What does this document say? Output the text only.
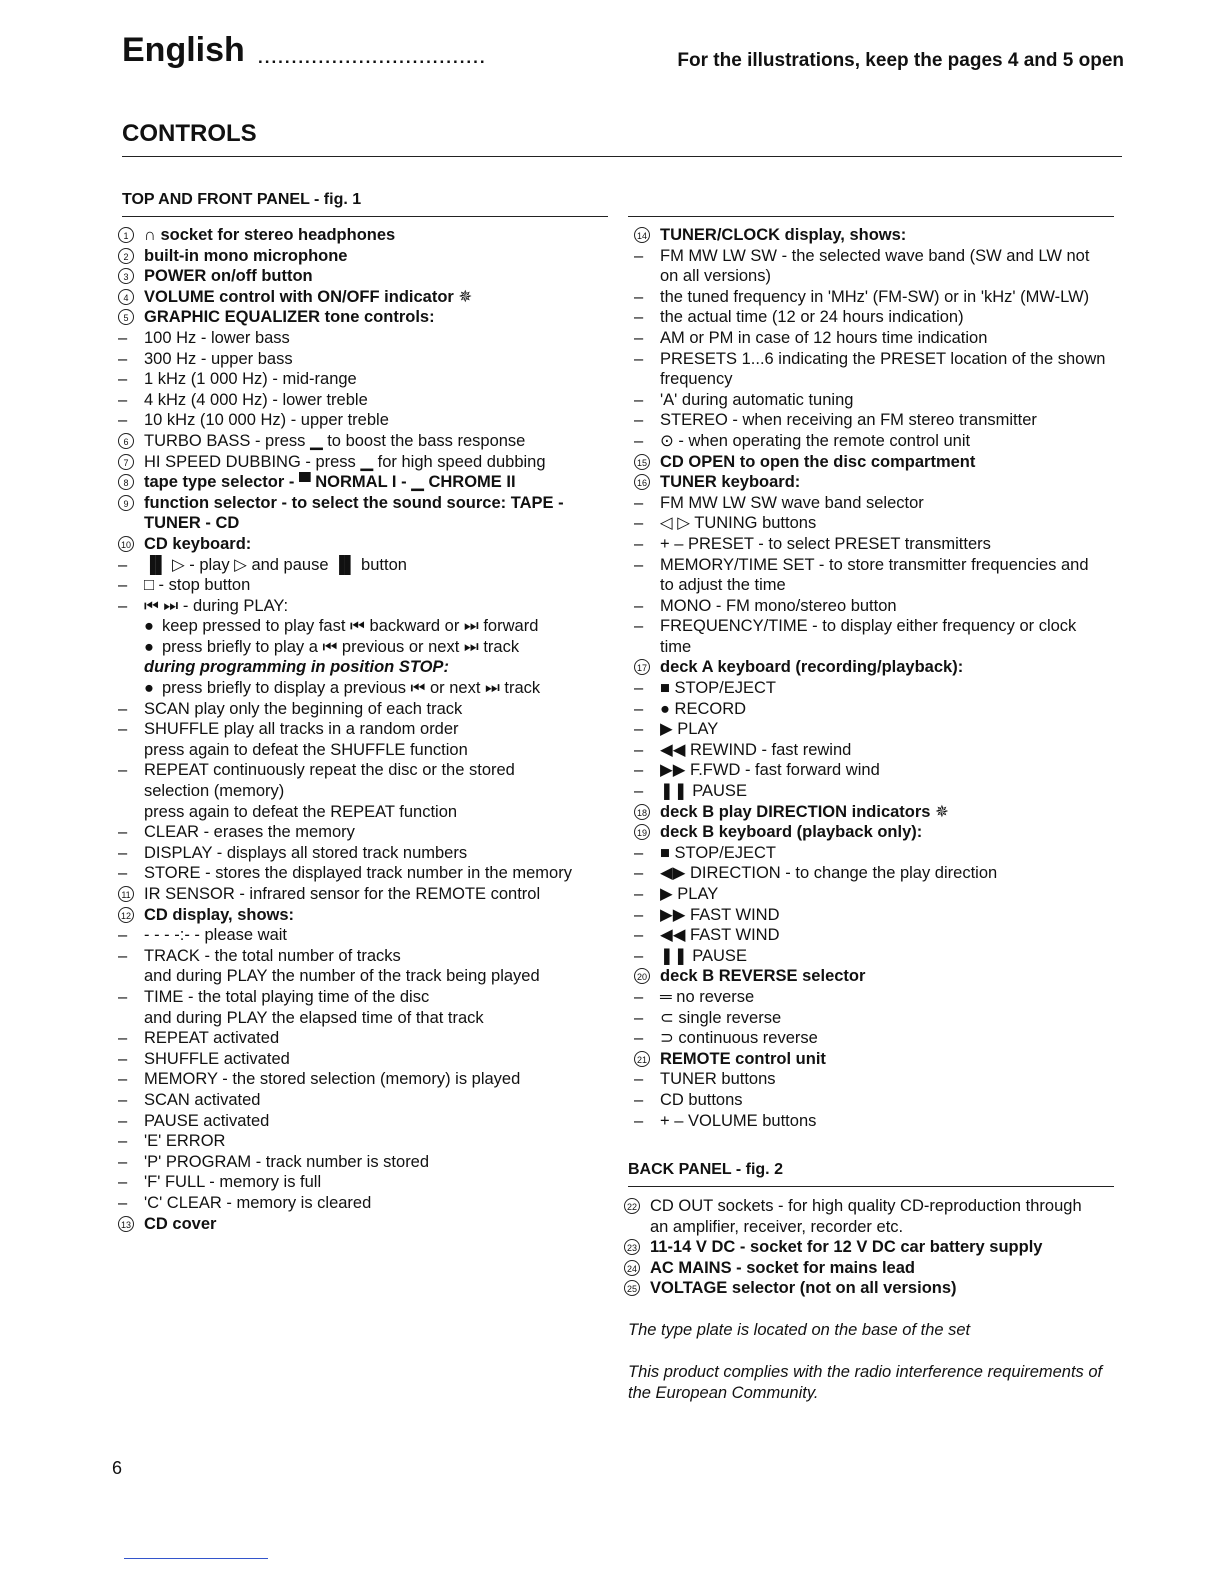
English ..................................	For the illustrations, keep the pages 4 and 5 open
CONTROLS
TOP AND FRONT PANEL - fig. 1
1 ∩ socket for stereo headphones
2 built-in mono microphone
3 POWER on/off button
4 VOLUME control with ON/OFF indicator ✵
5 GRAPHIC EQUALIZER tone controls:
–	100 Hz - lower bass
–	300 Hz - upper bass
–	1 kHz (1 000 Hz) - mid-range
–	4 kHz (4 000 Hz) - lower treble
–	10 kHz (10 000 Hz) - upper treble
6 TURBO BASS - press ▁ to boost the bass response
7 HI SPEED DUBBING - press ▁ for high speed dubbing
8 tape type selector - ▀ NORMAL I - ▁ CHROME II
9 function selector - to select the sound source: TAPE -
TUNER - CD
10 CD keyboard:
–	▐▌ ▷ - play ▷ and pause ▐▌ button
–	□ - stop button
–	⏮ ⏭ - during PLAY:
● keep pressed to play fast ⏮ backward or ⏭ forward
● press briefly to play a ⏮ previous or next ⏭ track
during programming in position STOP:
● press briefly to display a previous ⏮ or next ⏭ track
–	SCAN play only the beginning of each track
–	SHUFFLE play all tracks in a random order
press again to defeat the SHUFFLE function
–	REPEAT continuously repeat the disc or the stored
selection (memory)
press again to defeat the REPEAT function
–	CLEAR - erases the memory
–	DISPLAY - displays all stored track numbers
–	STORE - stores the displayed track number in the memory
11 IR SENSOR - infrared sensor for the REMOTE control
12 CD display, shows:
–	- - - -:- - please wait
–	TRACK - the total number of tracks
and during PLAY the number of the track being played
–	TIME - the total playing time of the disc
and during PLAY the elapsed time of that track
–	REPEAT activated
–	SHUFFLE activated
–	MEMORY - the stored selection (memory) is played
–	SCAN activated
–	PAUSE activated
–	'E' ERROR
–	'P' PROGRAM - track number is stored
–	'F' FULL - memory is full
–	'C' CLEAR - memory is cleared
13 CD cover
14 TUNER/CLOCK display, shows:
–	FM MW LW SW - the selected wave band (SW and LW not
on all versions)
–	the tuned frequency in 'MHz' (FM-SW) or in 'kHz' (MW-LW)
–	the actual time (12 or 24 hours indication)
–	AM or PM in case of 12 hours time indication
–	PRESETS 1...6 indicating the PRESET location of the shown
frequency
–	'A' during automatic tuning
–	STEREO - when receiving an FM stereo transmitter
–	⊙ - when operating the remote control unit
15 CD OPEN to open the disc compartment
16 TUNER keyboard:
–	FM MW LW SW wave band selector
–	◁ ▷ TUNING buttons
–	+ – PRESET - to select PRESET transmitters
–	MEMORY/TIME SET - to store transmitter frequencies and
to adjust the time
–	MONO - FM mono/stereo button
–	FREQUENCY/TIME - to display either frequency or clock
time
17 deck A keyboard (recording/playback):
–	■ STOP/EJECT
–	● RECORD
–	▶ PLAY
–	◀◀ REWIND - fast rewind
–	▶▶ F.FWD - fast forward wind
–	❚❚ PAUSE
18 deck B play DIRECTION indicators ✵
19 deck B keyboard (playback only):
–	■ STOP/EJECT
–	◀▶ DIRECTION - to change the play direction
–	▶ PLAY
–	▶▶ FAST WIND
–	◀◀ FAST WIND
–	❚❚ PAUSE
20 deck B REVERSE selector
–	═ no reverse
–	⊂ single reverse
–	⊃ continuous reverse
21 REMOTE control unit
–	TUNER buttons
–	CD buttons
–	+ – VOLUME buttons
BACK PANEL - fig. 2
22 CD OUT sockets - for high quality CD-reproduction through
an amplifier, receiver, recorder etc.
23 11-14 V DC - socket for 12 V DC car battery supply
24 AC MAINS - socket for mains lead
25 VOLTAGE selector (not on all versions)
The type plate is located on the base of the set
This product complies with the radio interference requirements of the European Community.
6
